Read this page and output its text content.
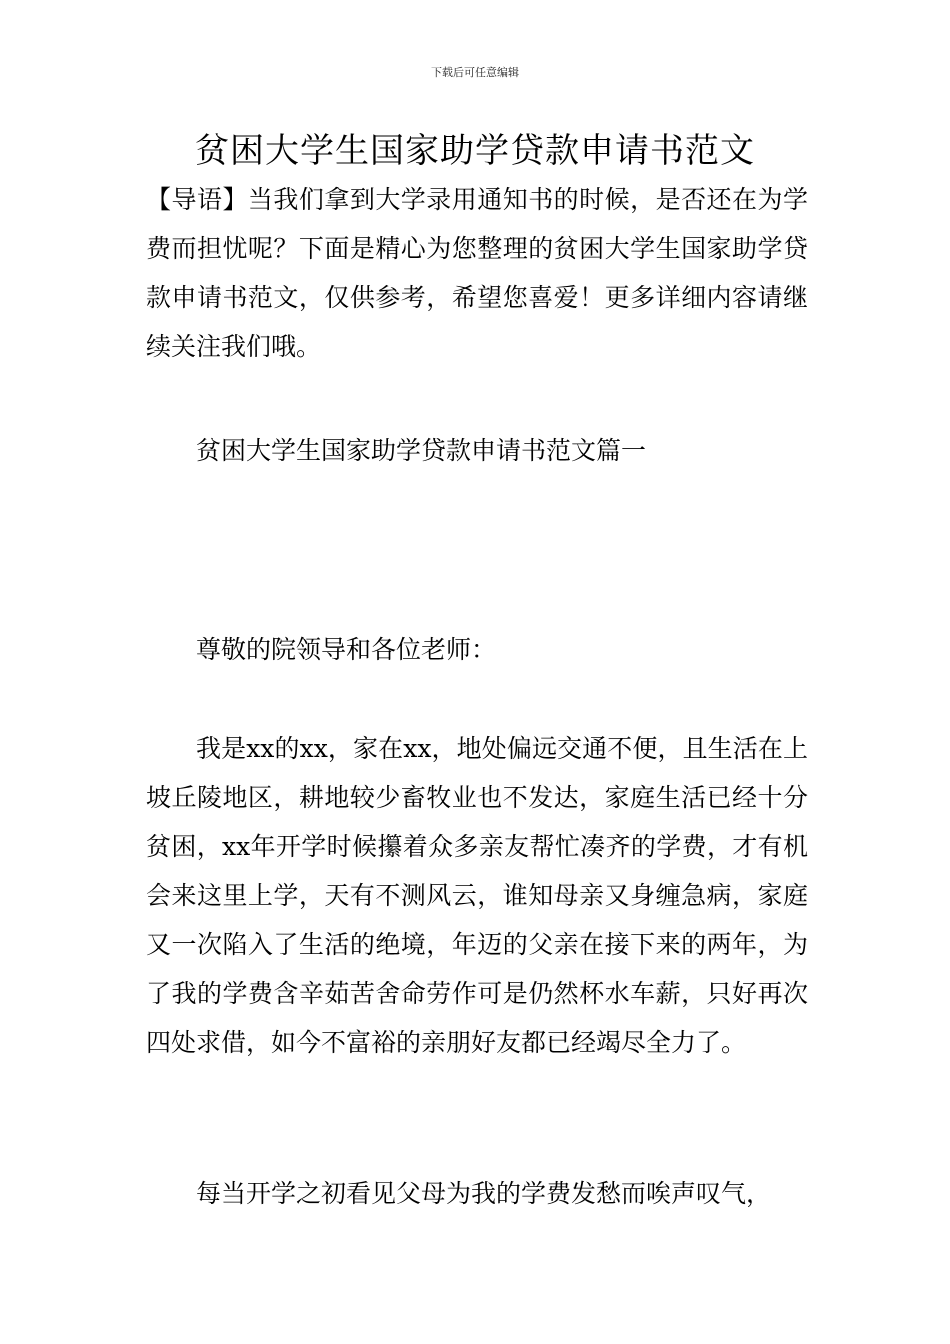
下载后可任意编辑
贫困大学生国家助学贷款申请书范文

【导语】当我们拿到大学录用通知书的时候，是否还在为学费而担忧呢？下面是精心为您整理的贫困大学生国家助学贷款申请书范文，仅供参考，希望您喜爱！更多详细内容请继续关注我们哦。

贫困大学生国家助学贷款申请书范文篇一

尊敬的院领导和各位老师：

我是xx的xx，家在xx，地处偏远交通不便，且生活在上坡丘陵地区，耕地较少畜牧业也不发达，家庭生活已经十分贫困，xx年开学时候攥着众多亲友帮忙凑齐的学费，才有机会来这里上学，天有不测风云，谁知母亲又身缠急病，家庭又一次陷入了生活的绝境，年迈的父亲在接下来的两年，为了我的学费含辛茹苦舍命劳作可是仍然杯水车薪，只好再次四处求借，如今不富裕的亲朋好友都已经竭尽全力了。

每当开学之初看见父母为我的学费发愁而唉声叹气，
